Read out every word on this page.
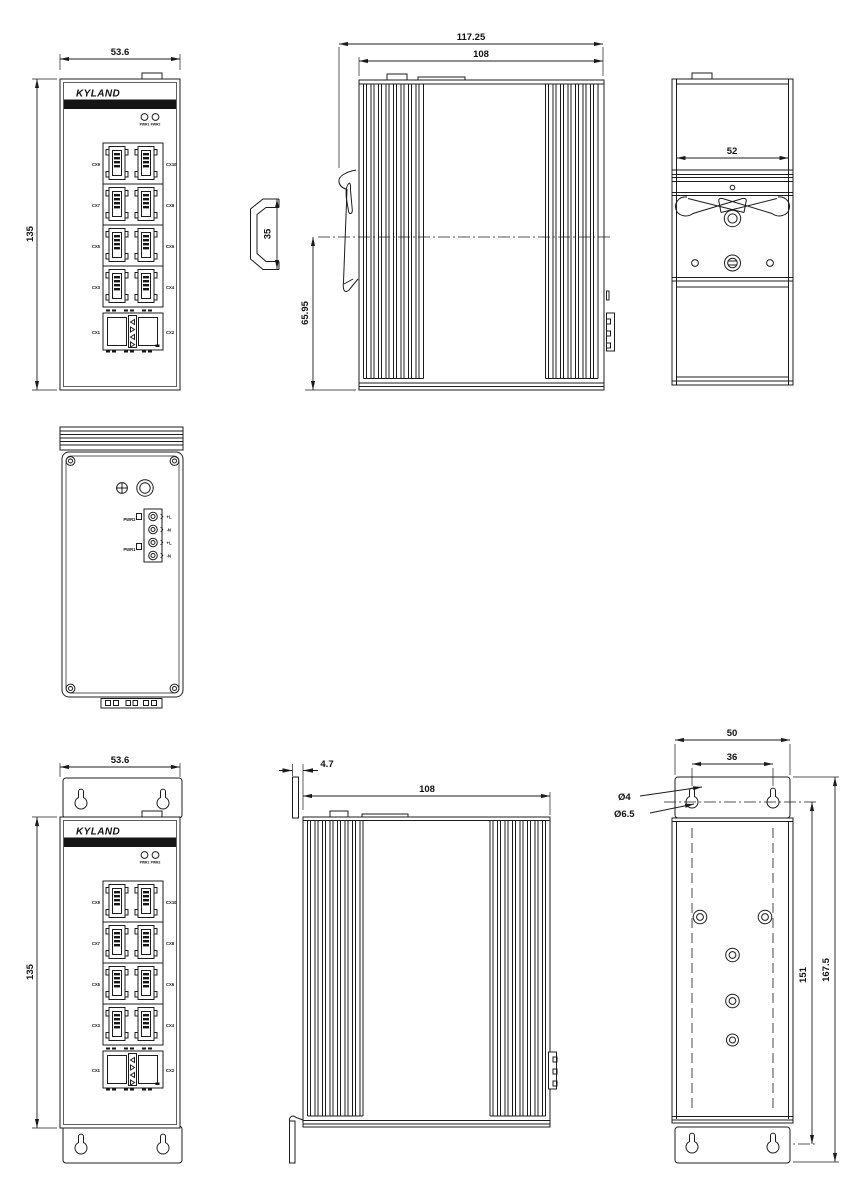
53.6
135	35
117.25
108
65.95
52
PWR2
PWR1
+L
-N
+L
-N
53.6
135
4.7
108
50
36
Ø4
Ø6.5
151 167.5
